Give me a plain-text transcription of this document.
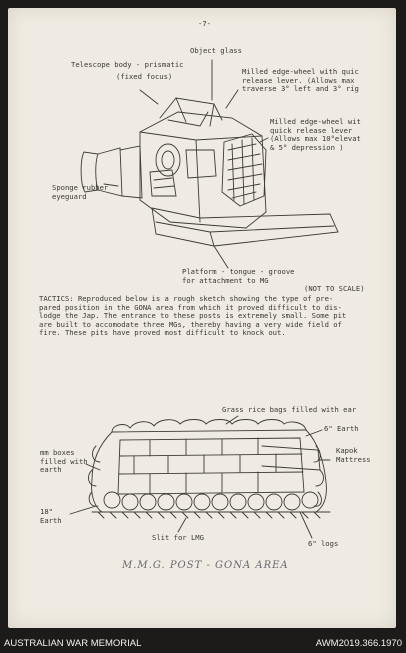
-7-
Object glass
Telescope body - prismatic
(fixed focus)
Milled edge-wheel with quic
release lever. (Allows max
traverse 3° left and 3° rig
Milled edge-wheel wit
quick release lever
(Allows max 10°elevat
& 5° depression )
Sponge rubber
eyeguard
Platform - tongue - groove
for attachment to MG
(NOT TO SCALE)
TACTICS: Reproduced below is a rough sketch showing the type of pre-
pared position in the GONA area from which it proved difficult to dis-
lodge the Jap. The entrance to these posts is extremely small. Some pit
are built to accomodate three MGs, thereby having a very wide field of
fire. These pits have proved most difficult to knock out.
Grass rice bags filled with ear
6" Earth
Kapok
Mattress
mm boxes
filled with
earth
18"
Earth
Slit for LMG
6" logs
M.M.G. POST - GONA AREA
AUSTRALIAN WAR MEMORIAL	AWM2019.366.1970
